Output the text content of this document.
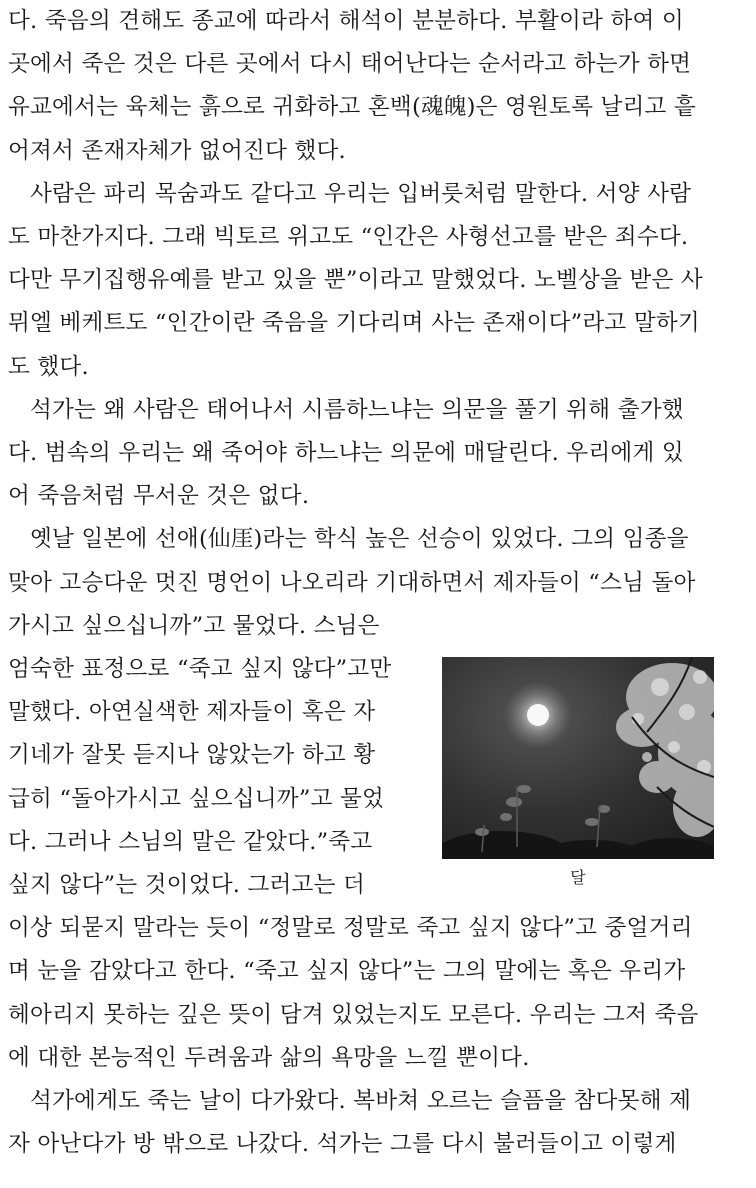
다. 죽음의 견해도 종교에 따라서 해석이 분분하다. 부활이라 하여 이
곳에서 죽은 것은 다른 곳에서 다시 태어난다는 순서라고 하는가 하면
유교에서는 육체는 흙으로 귀화하고 혼백(魂魄)은 영원토록 날리고 흩
어져서 존재자체가 없어진다 했다.
사람은 파리 목숨과도 같다고 우리는 입버릇처럼 말한다. 서양 사람
도 마찬가지다. 그래 빅토르 위고도 “인간은 사형선고를 받은 죄수다.
다만 무기집행유예를 받고 있을 뿐”이라고 말했었다. 노벨상을 받은 사
뮈엘 베케트도 “인간이란 죽음을 기다리며 사는 존재이다”라고 말하기
도 했다.
석가는 왜 사람은 태어나서 시름하느냐는 의문을 풀기 위해 출가했
다. 범속의 우리는 왜 죽어야 하느냐는 의문에 매달린다. 우리에게 있
어 죽음처럼 무서운 것은 없다.
옛날 일본에 선애(仙厓)라는 학식 높은 선승이 있었다. 그의 임종을
맞아 고승다운 멋진 명언이 나오리라 기대하면서 제자들이 “스님 돌아
가시고 싶으십니까”고 물었다. 스님은
엄숙한 표정으로 “죽고 싶지 않다”고만
말했다. 아연실색한 제자들이 혹은 자
기네가 잘못 듣지나 않았는가 하고 황
급히 “돌아가시고 싶으십니까”고 물었
다. 그러나 스님의 말은 같았다.”죽고
싶지 않다”는 것이었다. 그러고는 더
이상 되묻지 말라는 듯이 “정말로 정말로 죽고 싶지 않다”고 중얼거리
며 눈을 감았다고 한다. “죽고 싶지 않다”는 그의 말에는 혹은 우리가
헤아리지 못하는 깊은 뜻이 담겨 있었는지도 모른다. 우리는 그저 죽음
에 대한 본능적인 두려움과 삶의 욕망을 느낄 뿐이다.
석가에게도 죽는 날이 다가왔다. 복바쳐 오르는 슬픔을 참다못해 제
자 아난다가 방 밖으로 나갔다. 석가는 그를 다시 불러들이고 이렇게
달
